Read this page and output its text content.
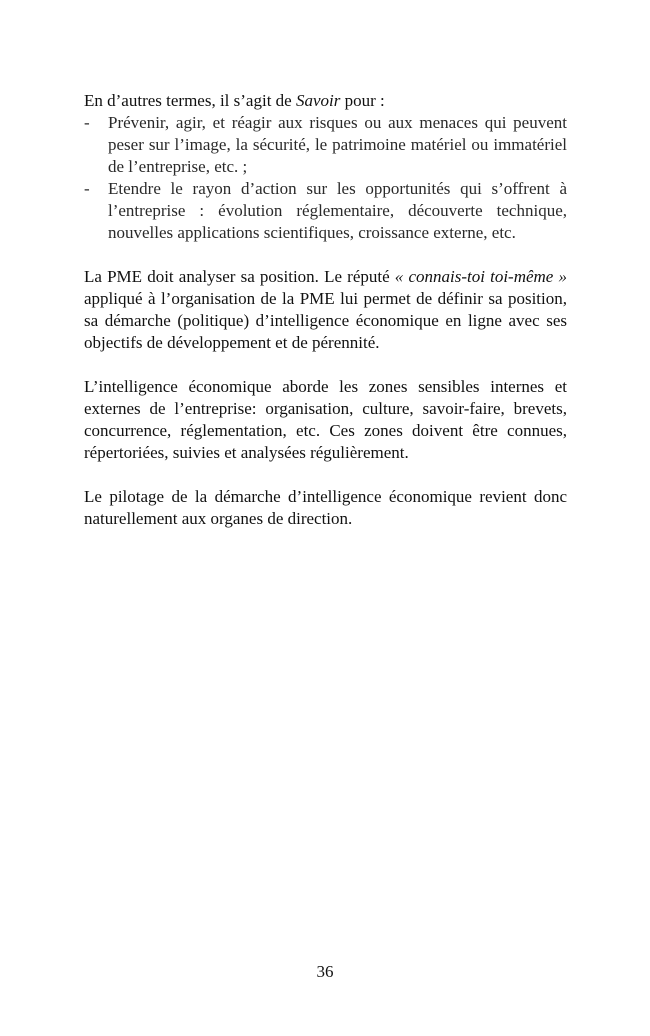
En d’autres termes, il s’agit de Savoir pour :

- Prévenir, agir, et réagir aux risques ou aux menaces qui peuvent peser sur l’image, la sécurité, le patrimoine matériel ou immatériel de l’entreprise, etc. ;
- Etendre le rayon d’action sur les opportunités qui s’offrent à l’entreprise : évolution réglementaire, découverte technique, nouvelles applications scientifiques, croissance externe, etc.

La PME doit analyser sa position. Le réputé « connais-toi toi-même » appliqué à l’organisation de la PME lui permet de définir sa position, sa démarche (politique) d’intelligence économique en ligne avec ses objectifs de développement et de pérennité.

L’intelligence économique aborde les zones sensibles internes et externes de l’entreprise: organisation, culture, savoir-faire, brevets, concurrence, réglementation, etc. Ces zones doivent être connues, répertoriées, suivies et analysées régulièrement.

Le pilotage de la démarche d’intelligence économique revient donc naturellement aux organes de direction.

36
